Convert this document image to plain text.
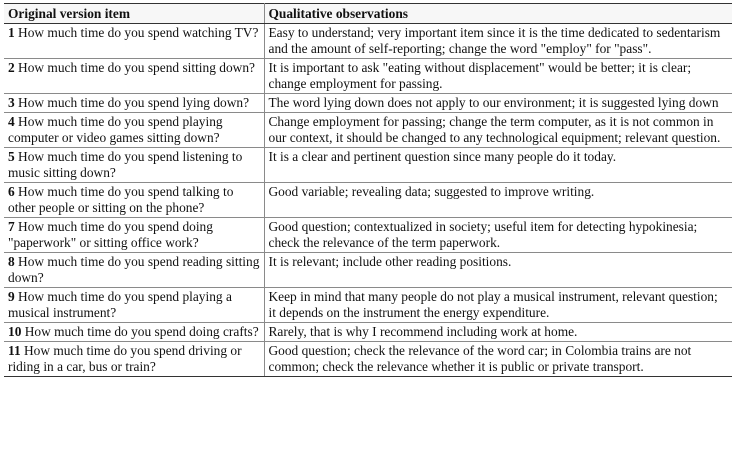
Original version item	Qualitative observations
1 How much time do you spend watching TV?	Easy to understand; very important item since it is the time dedicated to sedentarism and the amount of self-reporting; change the word "employ" for "pass".
2 How much time do you spend sitting down?	It is important to ask "eating without displacement" would be better; it is clear; change employment for passing.
3 How much time do you spend lying down?	The word lying down does not apply to our environment; it is suggested lying down
4 How much time do you spend playing computer or video games sitting down?	Change employment for passing; change the term computer, as it is not common in our context, it should be changed to any technological equipment; relevant question.
5 How much time do you spend listening to music sitting down?	It is a clear and pertinent question since many people do it today.
6 How much time do you spend talking to other people or sitting on the phone?	Good variable; revealing data; suggested to improve writing.
7 How much time do you spend doing "paperwork" or sitting office work?	Good question; contextualized in society; useful item for detecting hypokinesia; check the relevance of the term paperwork.
8 How much time do you spend reading sitting down?	It is relevant; include other reading positions.
9 How much time do you spend playing a musical instrument?	Keep in mind that many people do not play a musical instrument, relevant question; it depends on the instrument the energy expenditure.
10 How much time do you spend doing crafts?	Rarely, that is why I recommend including work at home.
11 How much time do you spend driving or riding in a car, bus or train?	Good question; check the relevance of the word car; in Colombia trains are not common; check the relevance whether it is public or private transport.
